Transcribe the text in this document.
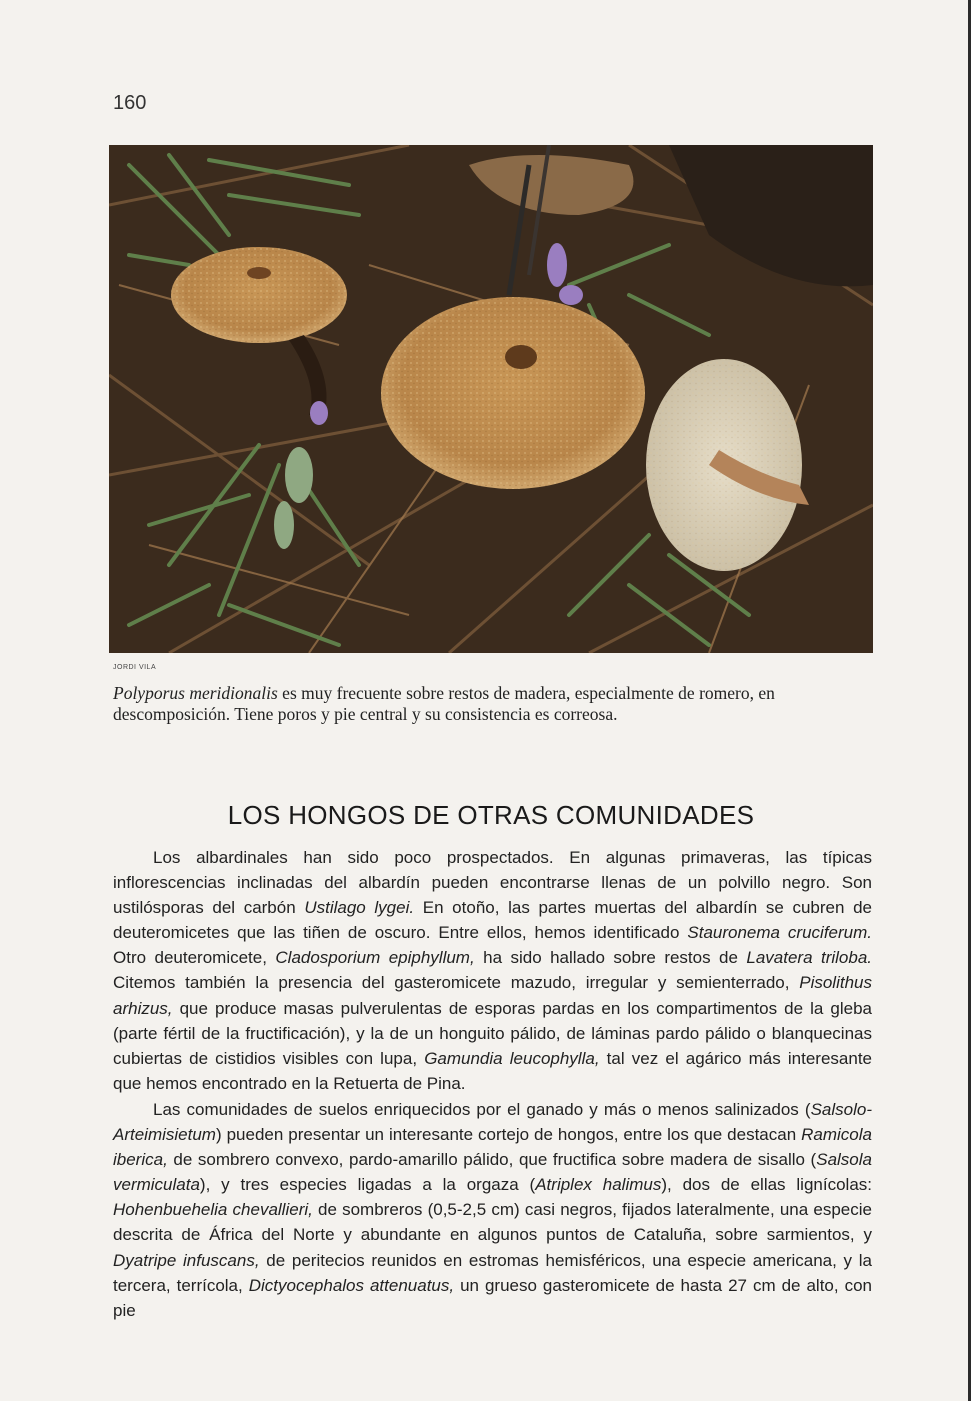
160
JORDI VILA
Polyporus meridionalis es muy frecuente sobre restos de madera, especialmente de romero, en descomposición. Tiene poros y pie central y su consistencia es correosa.
LOS HONGOS DE OTRAS COMUNIDADES

Los albardinales han sido poco prospectados. En algunas primaveras, las típicas inflorescencias inclinadas del albardín pueden encontrarse llenas de un polvillo negro. Son ustilósporas del carbón Ustilago lygei. En otoño, las partes muertas del albardín se cubren de deuteromicetes que las tiñen de oscuro. Entre ellos, hemos identificado Stauronema cruciferum. Otro deuteromicete, Cladosporium epiphyllum, ha sido hallado sobre restos de Lavatera triloba. Citemos también la presencia del gasteromicete mazudo, irregular y semienterrado, Pisolithus arhizus, que produce masas pulverulentas de esporas pardas en los compartimentos de la gleba (parte fértil de la fructificación), y la de un honguito pálido, de láminas pardo pálido o blanquecinas cubiertas de cistidios visibles con lupa, Gamundia leucophylla, tal vez el agárico más interesante que hemos encontrado en la Retuerta de Pina.

Las comunidades de suelos enriquecidos por el ganado y más o menos salinizados (Salsolo-Arteimisietum) pueden presentar un interesante cortejo de hongos, entre los que destacan Ramicola iberica, de sombrero convexo, pardo-amarillo pálido, que fructifica sobre madera de sisallo (Salsola vermiculata), y tres especies ligadas a la orgaza (Atriplex halimus), dos de ellas lignícolas: Hohenbuehelia chevallieri, de sombreros (0,5-2,5 cm) casi negros, fijados lateralmente, una especie descrita de África del Norte y abundante en algunos puntos de Cataluña, sobre sarmientos, y Dyatripe infuscans, de peritecios reunidos en estromas hemisféricos, una especie americana, y la tercera, terrícola, Dictyocephalos attenuatus, un grueso gasteromicete de hasta 27 cm de alto, con pie
